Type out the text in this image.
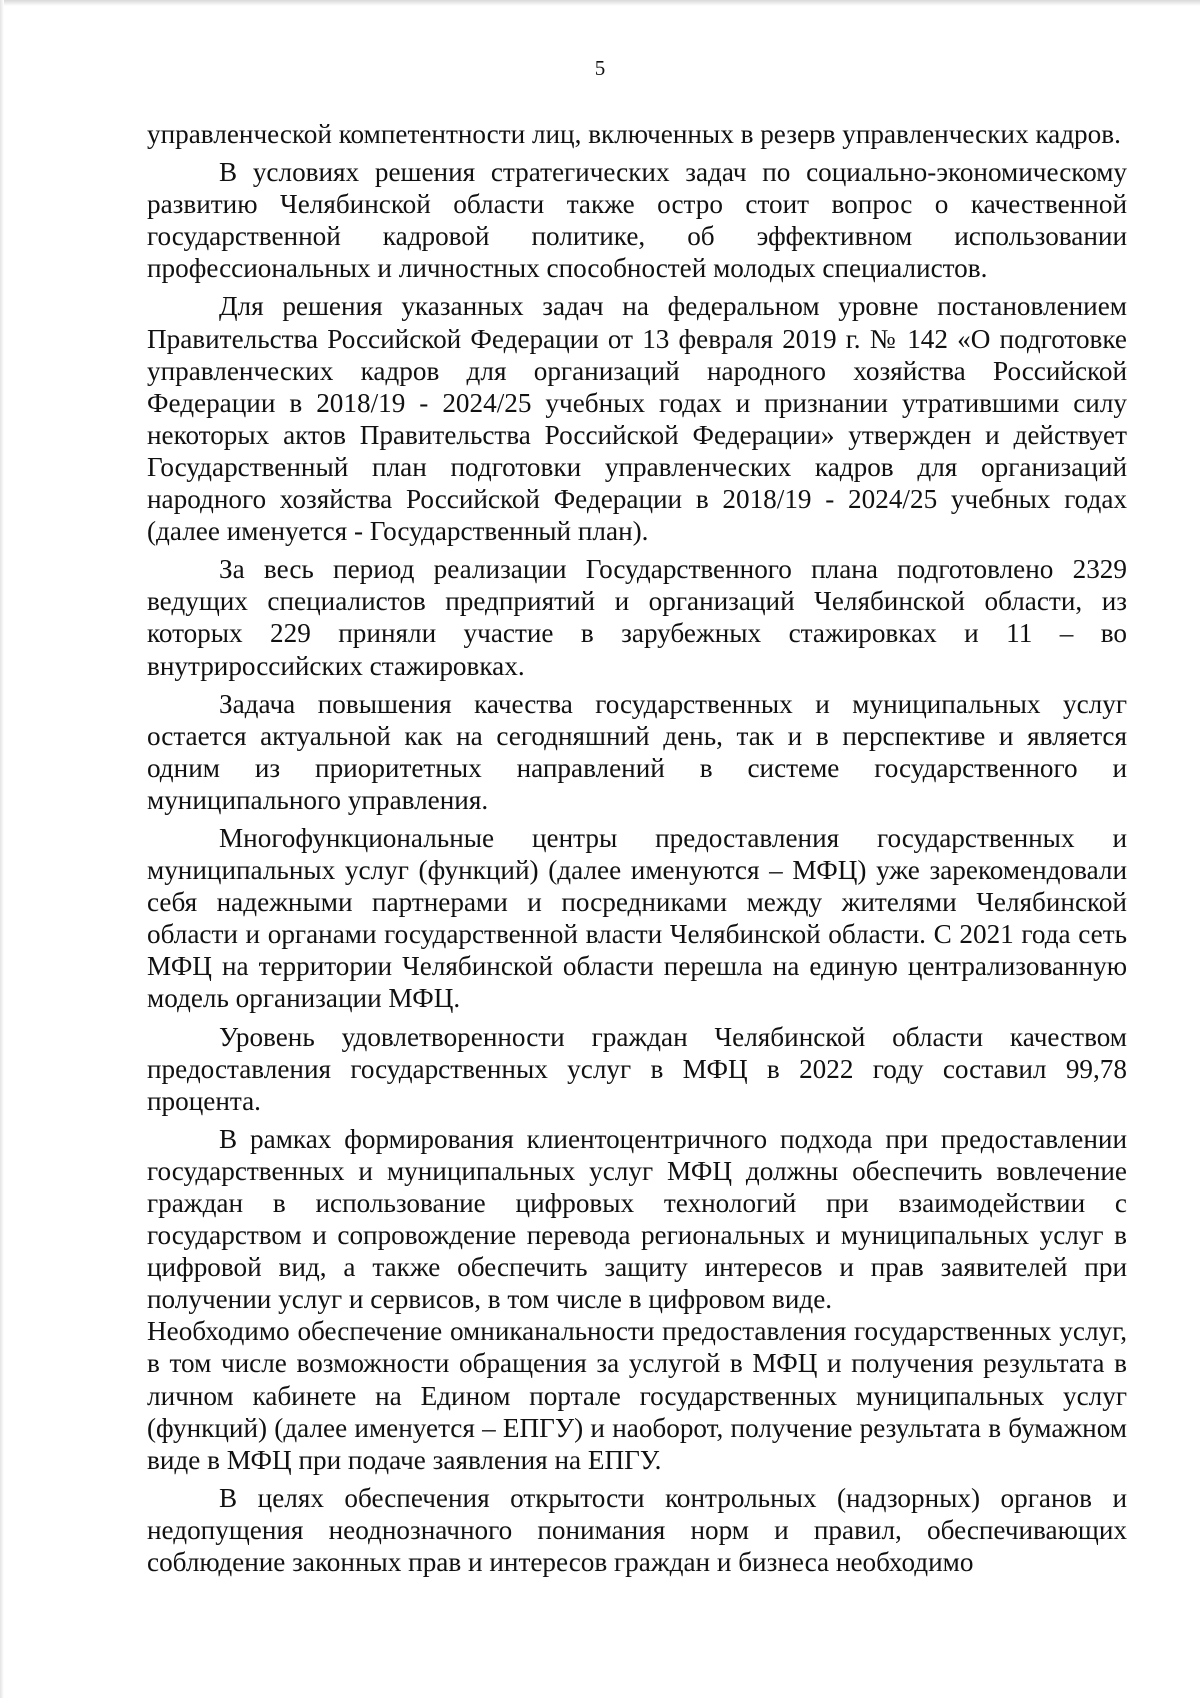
5

управленческой компетентности лиц, включенных в резерв управленческих кадров.

В условиях решения стратегических задач по социально-экономическому развитию Челябинской области также остро стоит вопрос о качественной государственной кадровой политике, об эффективном использовании профессиональных и личностных способностей молодых специалистов.

Для решения указанных задач на федеральном уровне постановлением Правительства Российской Федерации от 13 февраля 2019 г. № 142 «О подготовке управленческих кадров для организаций народного хозяйства Российской Федерации в 2018/19 - 2024/25 учебных годах и признании утратившими силу некоторых актов Правительства Российской Федерации» утвержден и действует Государственный план подготовки управленческих кадров для организаций народного хозяйства Российской Федерации в 2018/19 - 2024/25 учебных годах (далее именуется - Государственный план).

За весь период реализации Государственного плана подготовлено 2329 ведущих специалистов предприятий и организаций Челябинской области, из которых 229 приняли участие в зарубежных стажировках и 11 – во внутрироссийских стажировках.

Задача повышения качества государственных и муниципальных услуг остается актуальной как на сегодняшний день, так и в перспективе и является одним из приоритетных направлений в системе государственного и муниципального управления.

Многофункциональные центры предоставления государственных и муниципальных услуг (функций) (далее именуются – МФЦ) уже зарекомендовали себя надежными партнерами и посредниками между жителями Челябинской области и органами государственной власти Челябинской области. С 2021 года сеть МФЦ на территории Челябинской области перешла на единую централизованную модель организации МФЦ.

Уровень удовлетворенности граждан Челябинской области качеством предоставления государственных услуг в МФЦ в 2022 году составил 99,78 процента.

В рамках формирования клиентоцентричного подхода при предоставлении государственных и муниципальных услуг МФЦ должны обеспечить вовлечение граждан в использование цифровых технологий при взаимодействии с государством и сопровождение перевода региональных и муниципальных услуг в цифровой вид, а также обеспечить защиту интересов и прав заявителей при получении услуг и сервисов, в том числе в цифровом виде.

Необходимо обеспечение омниканальности предоставления государственных услуг, в том числе возможности обращения за услугой в МФЦ и получения результата в личном кабинете на Едином портале государственных муниципальных услуг (функций) (далее именуется – ЕПГУ) и наоборот, получение результата в бумажном виде в МФЦ при подаче заявления на ЕПГУ.

В целях обеспечения открытости контрольных (надзорных) органов и недопущения неоднозначного понимания норм и правил, обеспечивающих соблюдение законных прав и интересов граждан и бизнеса необходимо
